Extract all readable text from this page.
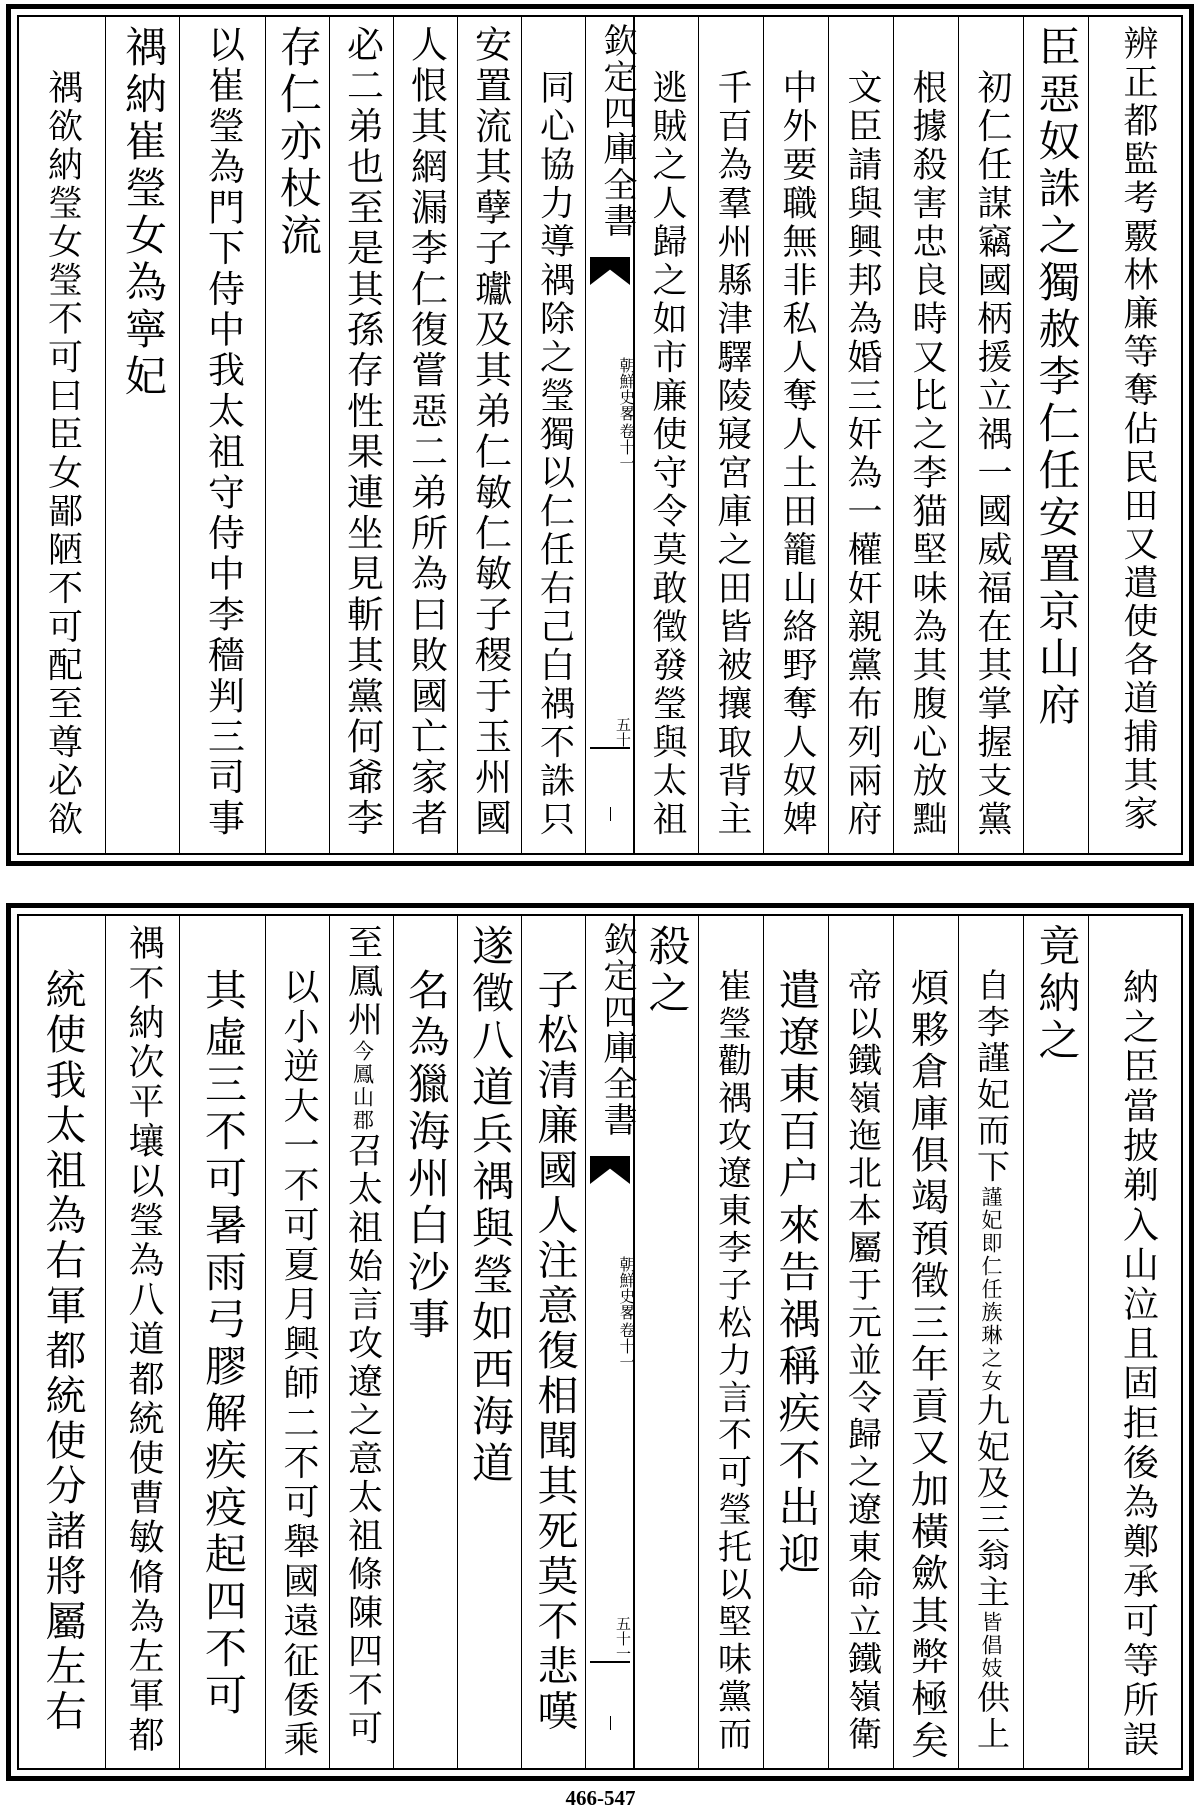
辨正都監考覈林廉等奪佔民田又遣使各道捕其家
臣惡奴誅之獨赦李仁任安置京山府
初仁任謀竊國柄援立禑一國威福在其掌握支黨
根據殺害忠良時又比之李猫堅味為其腹心放黜
文臣請與興邦為婚三奸為一權奸親黨布列兩府
中外要職無非私人奪人土田籠山絡野奪人奴婢
千百為羣州縣津驛陵寢宮庫之田皆被攘取背主
逃賊之人歸之如市廉使守令莫敢徵發瑩與太祖
欽定四庫全書
朝鮮史畧
卷十一
五十
同心協力導禑除之瑩獨以仁任右己白禑不誅只
安置流其孽子瓛及其弟仁敏仁敏子稷于玉州國
人恨其網漏李仁復嘗惡二弟所為曰敗國亡家者
必二弟也至是其孫存性果連坐見斬其黨何爺李
存仁亦杖流
以崔瑩為門下侍中我太祖守侍中李穡判三司事
禑納崔瑩女為寧妃
禑欲納瑩女瑩不可曰臣女鄙陋不可配至尊必欲
納之臣當披剃入山泣且固拒後為鄭承可等所誤
竟納之
自李謹妃而下
謹妃即仁任族琳之女
九妃及三翁主
皆倡妓
供上
煩夥倉庫俱竭預徵三年貢又加橫歛其弊極矣
帝以鐵嶺迤北本屬于元並令歸之遼東命立鐵嶺衛
遣遼東百户來告禑稱疾不出迎
崔瑩勸禑攻遼東李子松力言不可瑩托以堅味黨而
殺之
欽定四庫全書
朝鮮史畧
卷十一
五十一
子松清廉國人注意復相聞其死莫不悲嘆
遂徵八道兵禑與瑩如西海道
名為獵海州白沙事
至鳳州
今鳳山郡
召太祖始言攻遼之意太祖條陳四不可
以小逆大一不可夏月興師二不可舉國遠征倭乘
其虛三不可暑雨弓膠解疾疫起四不可
禑不納次平壤以瑩為八道都統使曹敏脩為左軍都
統使我太祖為右軍都統使分諸將屬左右
466-547
